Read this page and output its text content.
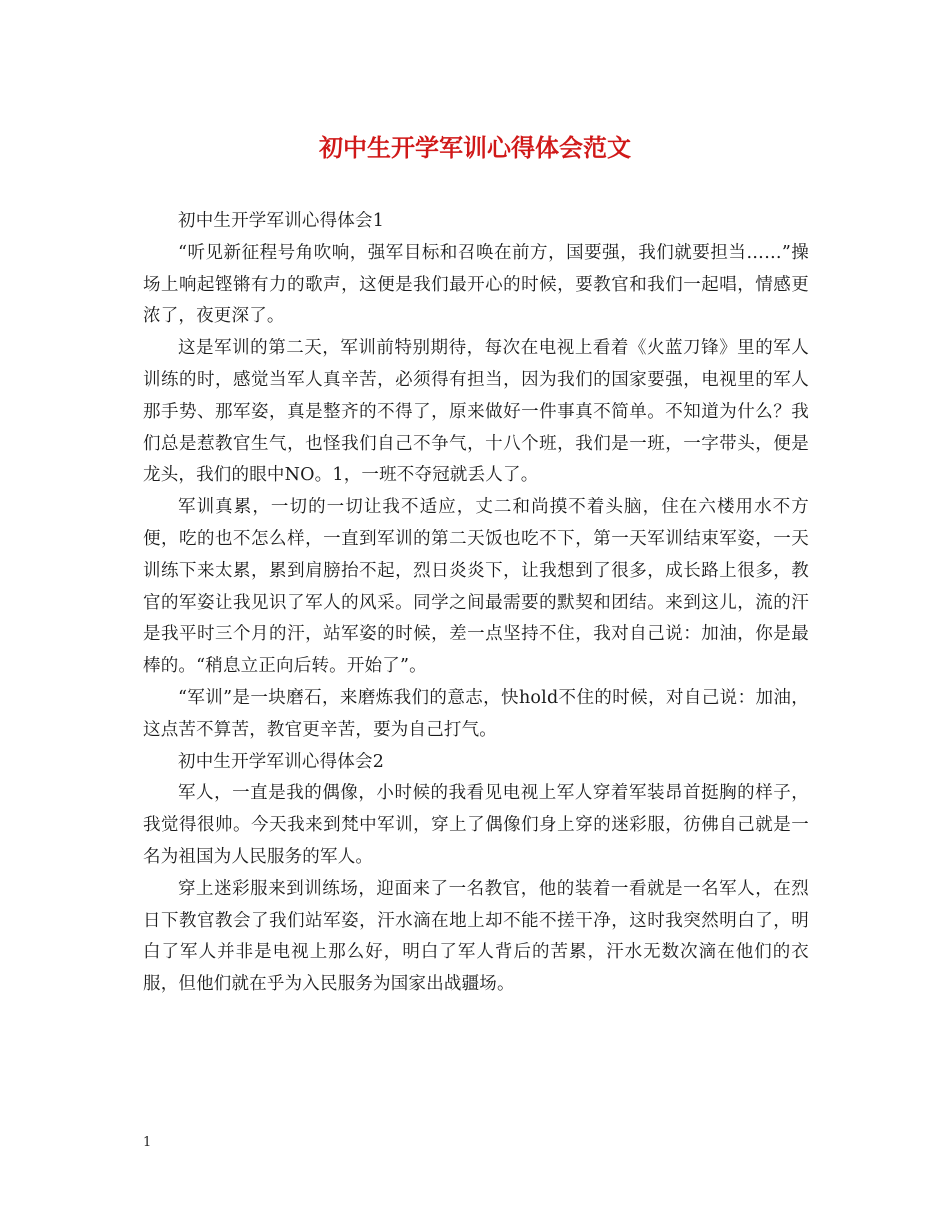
初中生开学军训心得体会范文

初中生开学军训心得体会1

“听见新征程号角吹响，强军目标和召唤在前方，国要强，我们就要担当……”操场上响起铿锵有力的歌声，这便是我们最开心的时候，要教官和我们一起唱，情感更浓了，夜更深了。

这是军训的第二天，军训前特别期待，每次在电视上看着《火蓝刀锋》里的军人训练的时，感觉当军人真辛苦，必须得有担当，因为我们的国家要强，电视里的军人那手势、那军姿，真是整齐的不得了，原来做好一件事真不简单。不知道为什么？我们总是惹教官生气，也怪我们自己不争气，十八个班，我们是一班，一字带头，便是龙头，我们的眼中NO。1，一班不夺冠就丢人了。

军训真累，一切的一切让我不适应，丈二和尚摸不着头脑，住在六楼用水不方便，吃的也不怎么样，一直到军训的第二天饭也吃不下，第一天军训结束军姿，一天训练下来太累，累到肩膀抬不起，烈日炎炎下，让我想到了很多，成长路上很多，教官的军姿让我见识了军人的风采。同学之间最需要的默契和团结。来到这儿，流的汗是我平时三个月的汗，站军姿的时候，差一点坚持不住，我对自己说：加油，你是最棒的。“稍息立正向后转。开始了”。

“军训”是一块磨石，来磨炼我们的意志，快hold不住的时候，对自己说：加油，这点苦不算苦，教官更辛苦，要为自己打气。

初中生开学军训心得体会2

军人，一直是我的偶像，小时候的我看见电视上军人穿着军装昂首挺胸的样子，我觉得很帅。今天我来到梵中军训，穿上了偶像们身上穿的迷彩服，彷佛自己就是一名为祖国为人民服务的军人。

穿上迷彩服来到训练场，迎面来了一名教官，他的装着一看就是一名军人，在烈日下教官教会了我们站军姿，汗水滴在地上却不能不搓干净，这时我突然明白了，明白了军人并非是电视上那么好，明白了军人背后的苦累，汗水无数次滴在他们的衣服，但他们就在乎为入民服务为国家出战疆场。

1
